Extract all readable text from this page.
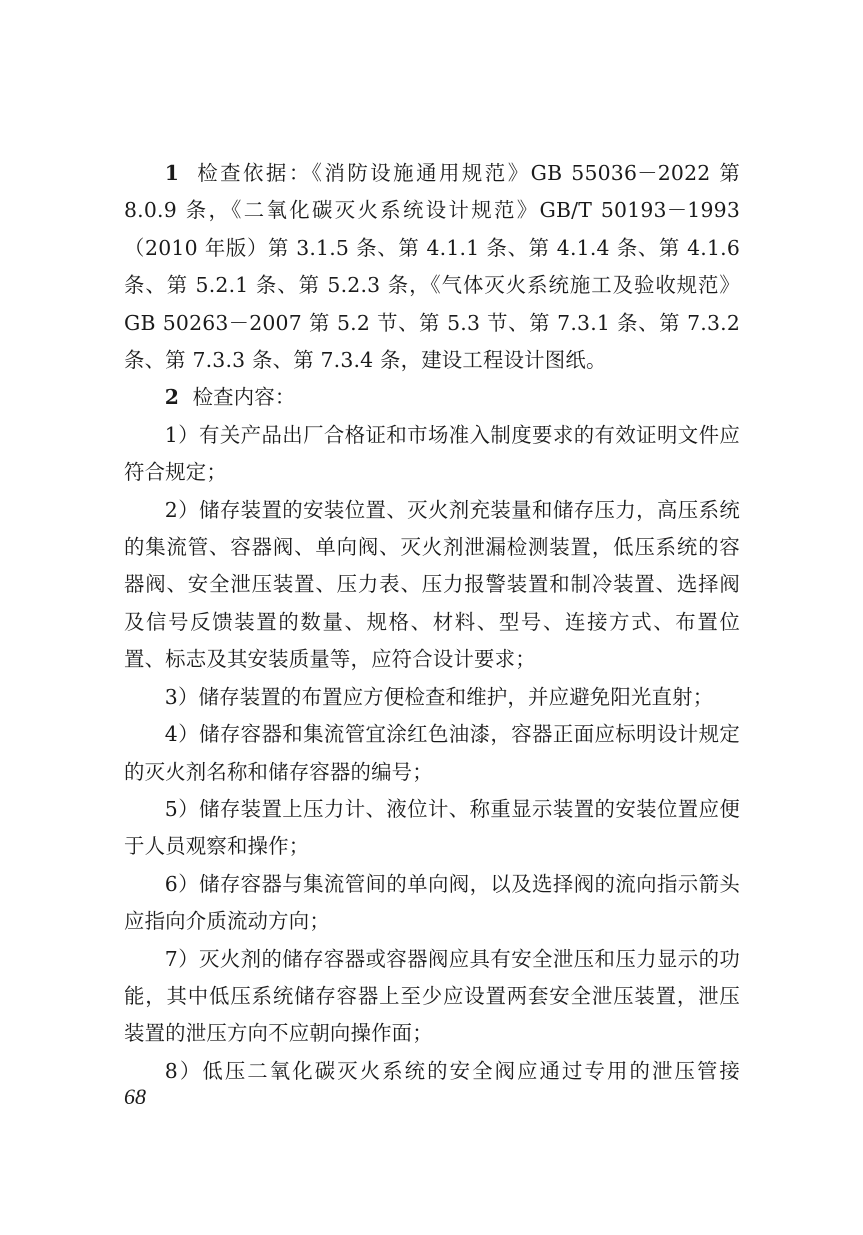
1 检查依据：《消防设施通用规范》GB 55036－2022 第 8.0.9 条，《二氧化碳灭火系统设计规范》GB/T 50193－1993（2010 年版）第 3.1.5 条、第 4.1.1 条、第 4.1.4 条、第 4.1.6 条、第 5.2.1 条、第 5.2.3 条，《气体灭火系统施工及验收规范》GB 50263－2007 第 5.2 节、第 5.3 节、第 7.3.1 条、第 7.3.2 条、第 7.3.3 条、第 7.3.4 条，建设工程设计图纸。

2 检查内容：

1）有关产品出厂合格证和市场准入制度要求的有效证明文件应符合规定；

2）储存装置的安装位置、灭火剂充装量和储存压力，高压系统的集流管、容器阀、单向阀、灭火剂泄漏检测装置，低压系统的容器阀、安全泄压装置、压力表、压力报警装置和制冷装置、选择阀及信号反馈装置的数量、规格、材料、型号、连接方式、布置位置、标志及其安装质量等，应符合设计要求；

3）储存装置的布置应方便检查和维护，并应避免阳光直射；

4）储存容器和集流管宜涂红色油漆，容器正面应标明设计规定的灭火剂名称和储存容器的编号；

5）储存装置上压力计、液位计、称重显示装置的安装位置应便于人员观察和操作；

6）储存容器与集流管间的单向阀，以及选择阀的流向指示箭头应指向介质流动方向；

7）灭火剂的储存容器或容器阀应具有安全泄压和压力显示的功能，其中低压系统储存容器上至少应设置两套安全泄压装置，泄压装置的泄压方向不应朝向操作面；

8）低压二氧化碳灭火系统的安全阀应通过专用的泄压管接

68
